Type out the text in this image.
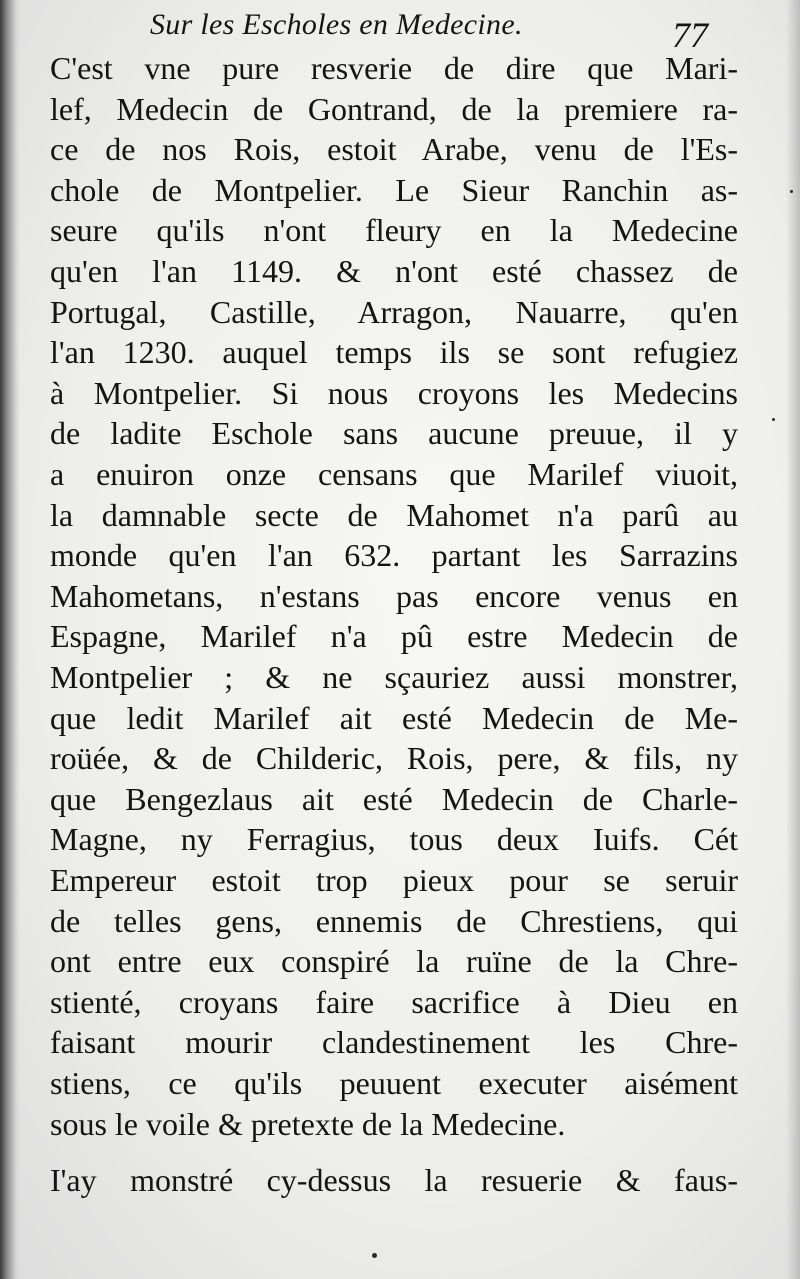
Sur les Escholes en Medecine.	77
C'est vne pure resverie de dire que Mari-
lef, Medecin de Gontrand, de la premiere ra-
ce de nos Rois, estoit Arabe, venu de l'Es-
chole de Montpelier. Le Sieur Ranchin as-
seure qu'ils n'ont fleury en la Medecine
qu'en l'an 1149. & n'ont esté chassez de
Portugal, Castille, Arragon, Nauarre, qu'en
l'an 1230. auquel temps ils se sont refugiez
à Montpelier. Si nous croyons les Medecins
de ladite Eschole sans aucune preuue, il y
a enuiron onze censans que Marilef viuoit,
la damnable secte de Mahomet n'a parû au
monde qu'en l'an 632. partant les Sarrazins
Mahometans, n'estans pas encore venus en
Espagne, Marilef n'a pû estre Medecin de
Montpelier ; & ne sçauriez aussi monstrer,
que ledit Marilef ait esté Medecin de Me-
roüée, & de Childeric, Rois, pere, & fils, ny
que Bengezlaus ait esté Medecin de Charle-
Magne, ny Ferragius, tous deux Iuifs. Cét
Empereur estoit trop pieux pour se seruir
de telles gens, ennemis de Chrestiens, qui
ont entre eux conspiré la ruïne de la Chre-
stienté, croyans faire sacrifice à Dieu en
faisant mourir clandestinement les Chre-
stiens, ce qu'ils peuuent executer aisément
sous le voile & pretexte de la Medecine.
I'ay monstré cy-dessus la resuerie & faus-
